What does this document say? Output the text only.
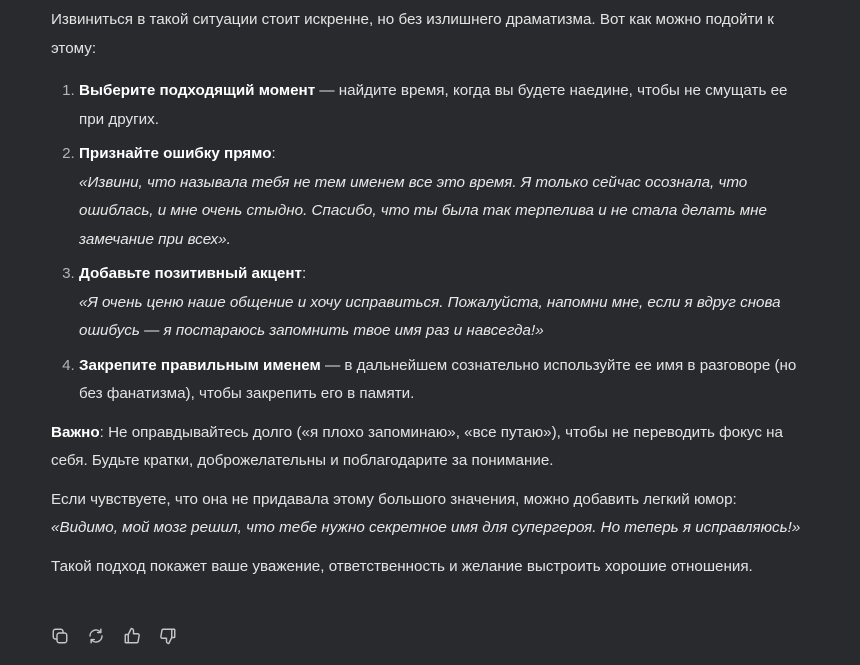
Извиниться в такой ситуации стоит искренне, но без излишнего драматизма. Вот как можно подойти к этому:

1. Выберите подходящий момент — найдите время, когда вы будете наедине, чтобы не смущать ее при других.
2. Признайте ошибку прямо:
«Извини, что называла тебя не тем именем все это время. Я только сейчас осознала, что ошиблась, и мне очень стыдно. Спасибо, что ты была так терпелива и не стала делать мне замечание при всех».
3. Добавьте позитивный акцент:
«Я очень ценю наше общение и хочу исправиться. Пожалуйста, напомни мне, если я вдруг снова ошибусь — я постараюсь запомнить твое имя раз и навсегда!»
4. Закрепите правильным именем — в дальнейшем сознательно используйте ее имя в разговоре (но без фанатизма), чтобы закрепить его в памяти.

Важно: Не оправдывайтесь долго («я плохо запоминаю», «все путаю»), чтобы не переводить фокус на себя. Будьте кратки, доброжелательны и поблагодарите за понимание.

Если чувствуете, что она не придавала этому большого значения, можно добавить легкий юмор:
«Видимо, мой мозг решил, что тебе нужно секретное имя для супергероя. Но теперь я исправляюсь!»

Такой подход покажет ваше уважение, ответственность и желание выстроить хорошие отношения.
